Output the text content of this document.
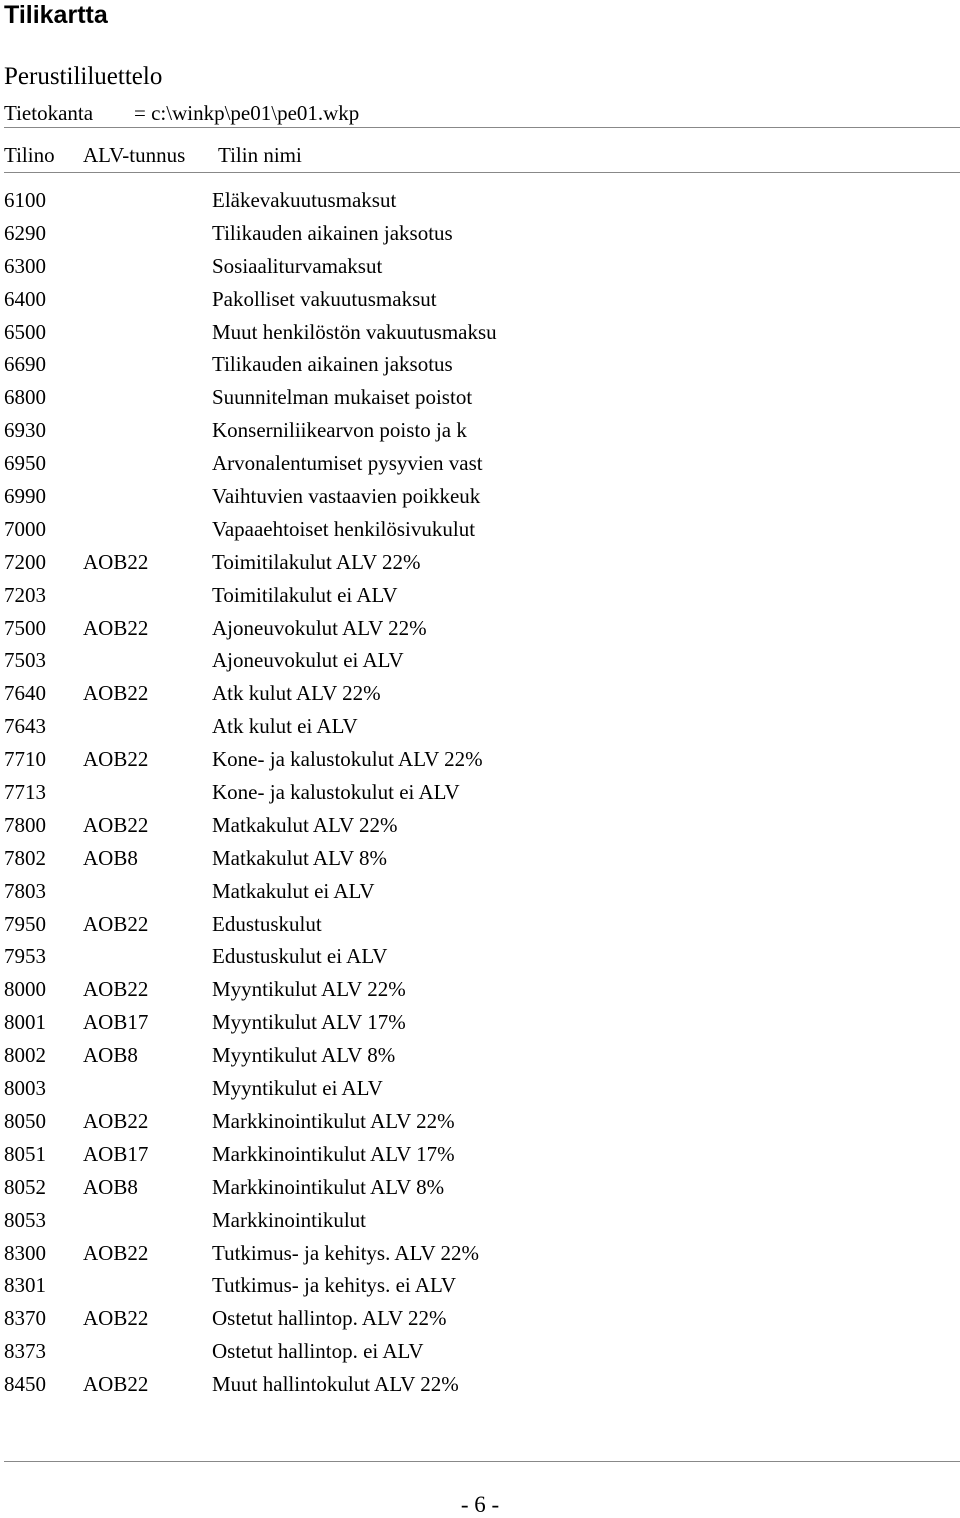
Tilikartta
Perustililuettelo
Tietokanta = c:\winkp\pe01\pe01.wkp
Tilino ALV-tunnus Tilin nimi
6100	Eläkevakuutusmaksut
6290	Tilikauden aikainen jaksotus
6300	Sosiaaliturvamaksut
6400	Pakolliset vakuutusmaksut
6500	Muut henkilöstön vakuutusmaksu
6690	Tilikauden aikainen jaksotus
6800	Suunnitelman mukaiset poistot
6930	Konserniliikearvon poisto ja k
6950	Arvonalentumiset pysyvien vast
6990	Vaihtuvien vastaavien poikkeuk
7000	Vapaaehtoiset henkilösivukulut
7200 AOB22	Toimitilakulut ALV 22%
7203	Toimitilakulut ei ALV
7500 AOB22	Ajoneuvokulut ALV 22%
7503	Ajoneuvokulut ei ALV
7640 AOB22	Atk kulut ALV 22%
7643	Atk kulut ei ALV
7710 AOB22	Kone- ja kalustokulut ALV 22%
7713	Kone- ja kalustokulut ei ALV
7800 AOB22	Matkakulut ALV 22%
7802 AOB8	Matkakulut ALV 8%
7803	Matkakulut ei ALV
7950 AOB22	Edustuskulut
7953	Edustuskulut ei ALV
8000 AOB22	Myyntikulut ALV 22%
8001 AOB17	Myyntikulut ALV 17%
8002 AOB8	Myyntikulut ALV 8%
8003	Myyntikulut ei ALV
8050 AOB22	Markkinointikulut ALV 22%
8051 AOB17	Markkinointikulut ALV 17%
8052 AOB8	Markkinointikulut ALV 8%
8053	Markkinointikulut
8300 AOB22	Tutkimus- ja kehitys. ALV 22%
8301	Tutkimus- ja kehitys. ei ALV
8370 AOB22	Ostetut hallintop. ALV 22%
8373	Ostetut hallintop. ei ALV
8450 AOB22	Muut hallintokulut ALV 22%
- 6 -
